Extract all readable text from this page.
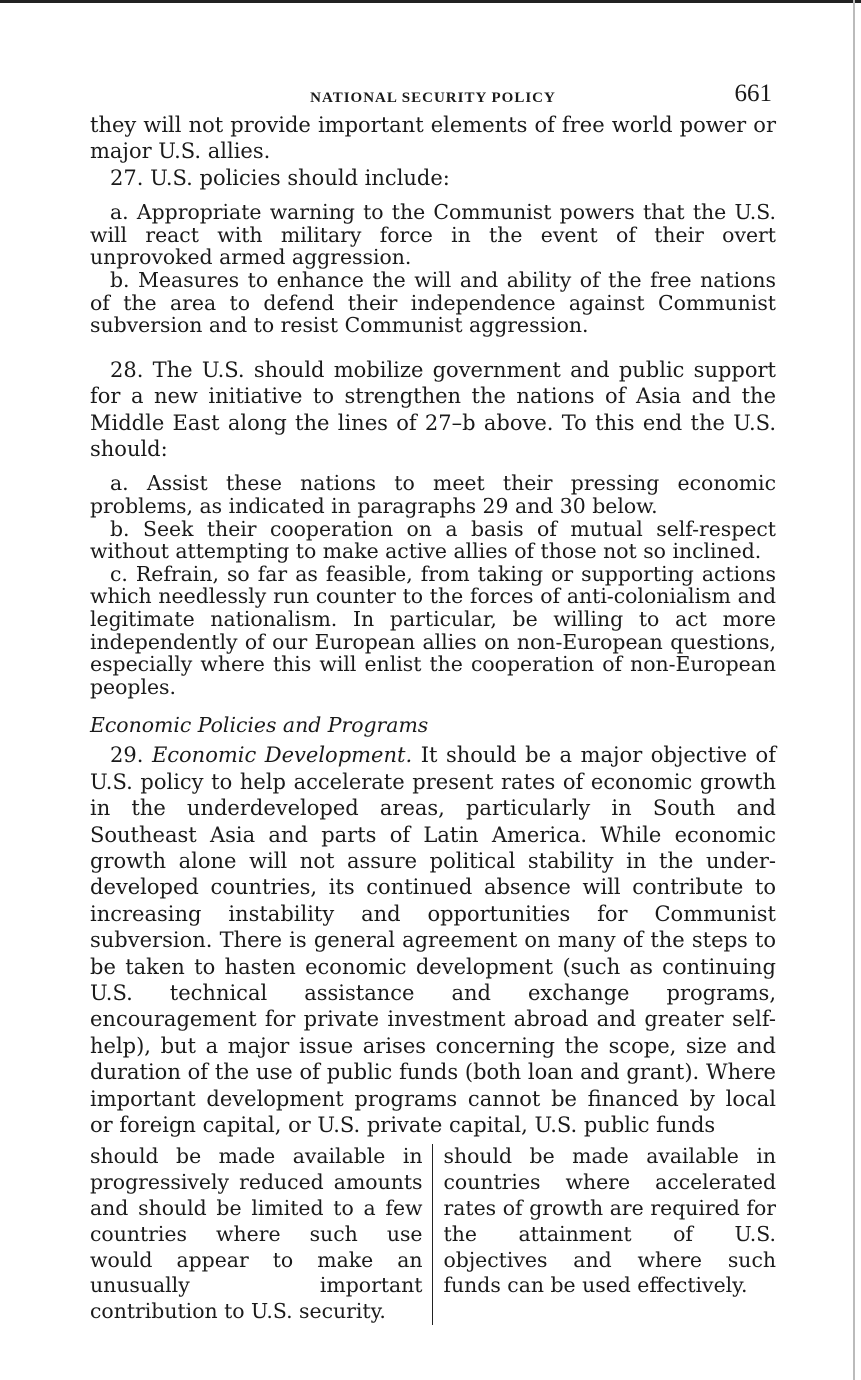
NATIONAL SECURITY POLICY	661

they will not provide important elements of free world power or major U.S. allies.

27. U.S. policies should include:

a. Appropriate warning to the Communist powers that the U.S. will react with military force in the event of their overt unprovoked armed aggression.

b. Measures to enhance the will and ability of the free nations of the area to defend their independence against Communist subversion and to resist Communist aggression.

28. The U.S. should mobilize government and public support for a new initiative to strengthen the nations of Asia and the Middle East along the lines of 27–b above. To this end the U.S. should:

a. Assist these nations to meet their pressing economic problems, as indicated in paragraphs 29 and 30 below.

b. Seek their cooperation on a basis of mutual self-respect without attempting to make active allies of those not so inclined.

c. Refrain, so far as feasible, from taking or supporting actions which needlessly run counter to the forces of anti-colonialism and legitimate nationalism. In particular, be willing to act more independently of our European allies on non-European questions, especially where this will enlist the cooperation of non-European peoples.

Economic Policies and Programs

29. Economic Development. It should be a major objective of U.S. policy to help accelerate present rates of economic growth in the underdeveloped areas, particularly in South and Southeast Asia and parts of Latin America. While economic growth alone will not assure political stability in the under-developed countries, its continued absence will contribute to increasing instability and opportunities for Communist subversion. There is general agreement on many of the steps to be taken to hasten economic development (such as continuing U.S. technical assistance and exchange programs, encouragement for private investment abroad and greater self-help), but a major issue arises concerning the scope, size and duration of the use of public funds (both loan and grant). Where important development programs cannot be financed by local or foreign capital, or U.S. private capital, U.S. public funds

should be made available in progressively reduced amounts and should be limited to a few countries where such use would appear to make an unusually important contribution to U.S. security.
should be made available in countries where accelerated rates of growth are required for the attainment of U.S. objectives and where such funds can be used effectively.
